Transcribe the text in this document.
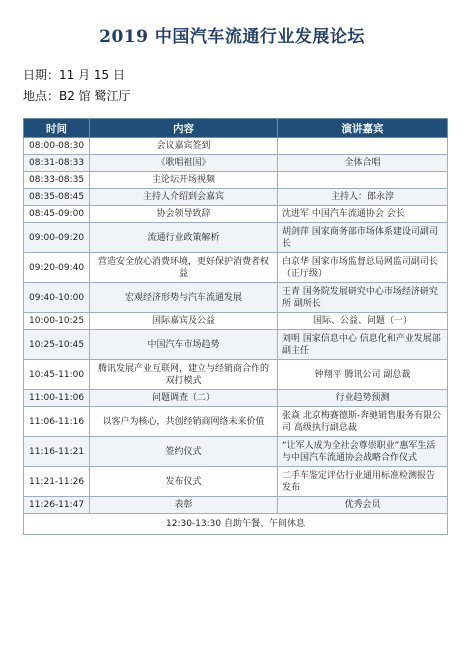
2019 中国汽车流通行业发展论坛
日期：11 月 15 日
地点：B2 馆 鹭江厅
时间	内容	演讲嘉宾
08:00-08:30	会议嘉宾签到	
08:31-08:33	《歌唱祖国》	全体合唱
08:33-08:35	主论坛开场视频	
08:35-08:45	主持人介绍到会嘉宾	主持人：郎永淳
08:45-09:00	协会领导致辞	沈进军 中国汽车流通协会 会长
09:00-09:20	流通行业政策解析	胡剑萍 国家商务部市场体系建设司副司长
09:20-09:40	营造安全放心消费环境，更好保护消费者权益	白京华 国家市场监督总局网监司副司长（正厅级）
09:40-10:00	宏观经济形势与汽车流通发展	王青 国务院发展研究中心市场经济研究所 副所长
10:00-10:25	国际嘉宾及公益	国际、公益、问题（一）
10:25-10:45	中国汽车市场趋势	刘明 国家信息中心 信息化和产业发展部 副主任
10:45-11:00	腾讯发展产业互联网，建立与经销商合作的双打模式	钟翔平 腾讯公司 副总裁
11:00-11:06	问题调查（二）	行业趋势预测
11:06-11:16	以客户为核心，共创经销商网络未来价值	张焱 北京梅赛德斯-奔驰销售服务有限公司 高级执行副总裁
11:16-11:21	签约仪式	“让军人成为全社会尊崇职业”惠军生活与中国汽车流通协会战略合作仪式
11:21-11:26	发布仪式	二手车鉴定评估行业通用标准检测报告发布
11:26-11:47	表彰	优秀会员
12:30-13:30 自助午餐、午间休息		
